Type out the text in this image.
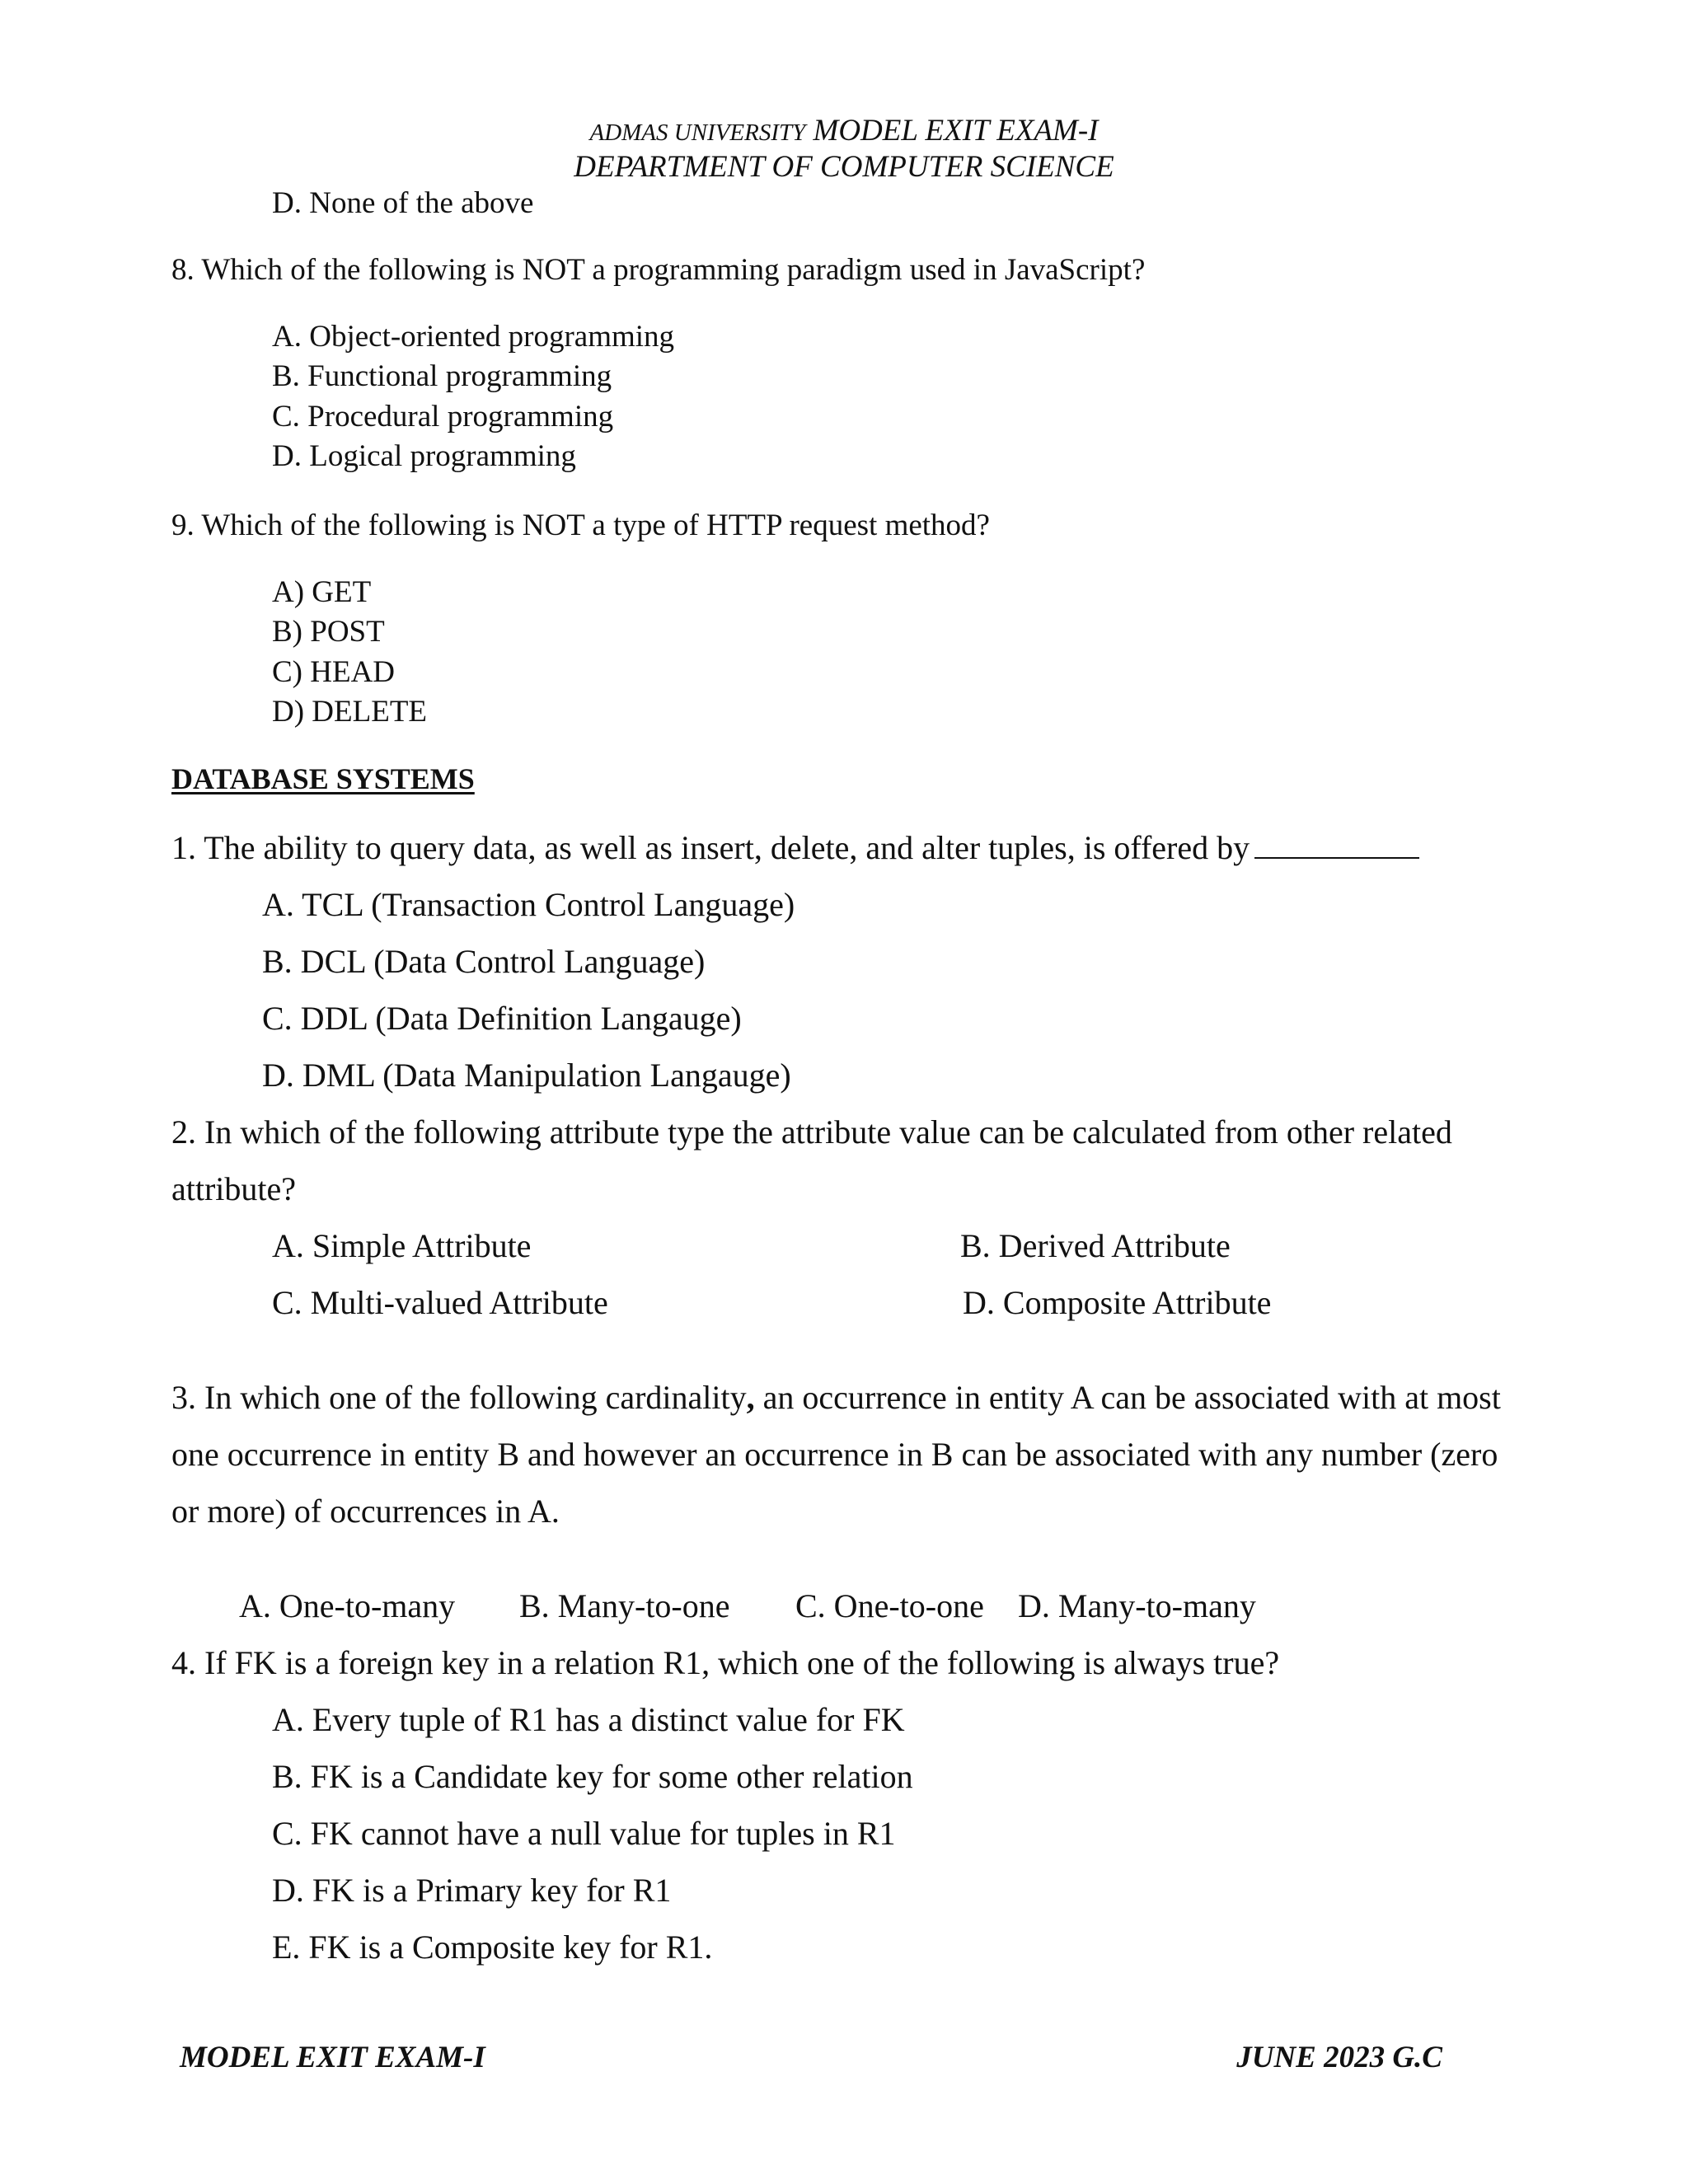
ADMAS UNIVERSITY MODEL EXIT EXAM-I
DEPARTMENT OF COMPUTER SCIENCE
D. None of the above
8. Which of the following is NOT a programming paradigm used in JavaScript?
A. Object-oriented programming
B. Functional programming
C. Procedural programming
D. Logical programming
9. Which of the following is NOT a type of HTTP request method?
A) GET
B) POST
C) HEAD
D) DELETE
DATABASE SYSTEMS
1. The ability to query data, as well as insert, delete, and alter tuples, is offered by
A. TCL (Transaction Control Language)
B. DCL (Data Control Language)
C. DDL (Data Definition Langauge)
D. DML (Data Manipulation Langauge)
2. In which of the following attribute type the attribute value can be calculated from other related
attribute?
A. Simple Attribute	B. Derived Attribute
C. Multi-valued Attribute	D. Composite Attribute
3. In which one of the following cardinality, an occurrence in entity A can be associated with at most
one occurrence in entity B and however an occurrence in B can be associated with any number (zero
or more) of occurrences in A.
A. One-to-many B. Many-to-one C. One-to-one D. Many-to-many
4. If FK is a foreign key in a relation R1, which one of the following is always true?
A. Every tuple of R1 has a distinct value for FK
B. FK is a Candidate key for some other relation
C. FK cannot have a null value for tuples in R1
D. FK is a Primary key for R1
E. FK is a Composite key for R1.
MODEL EXIT EXAM-I	JUNE 2023 G.C
